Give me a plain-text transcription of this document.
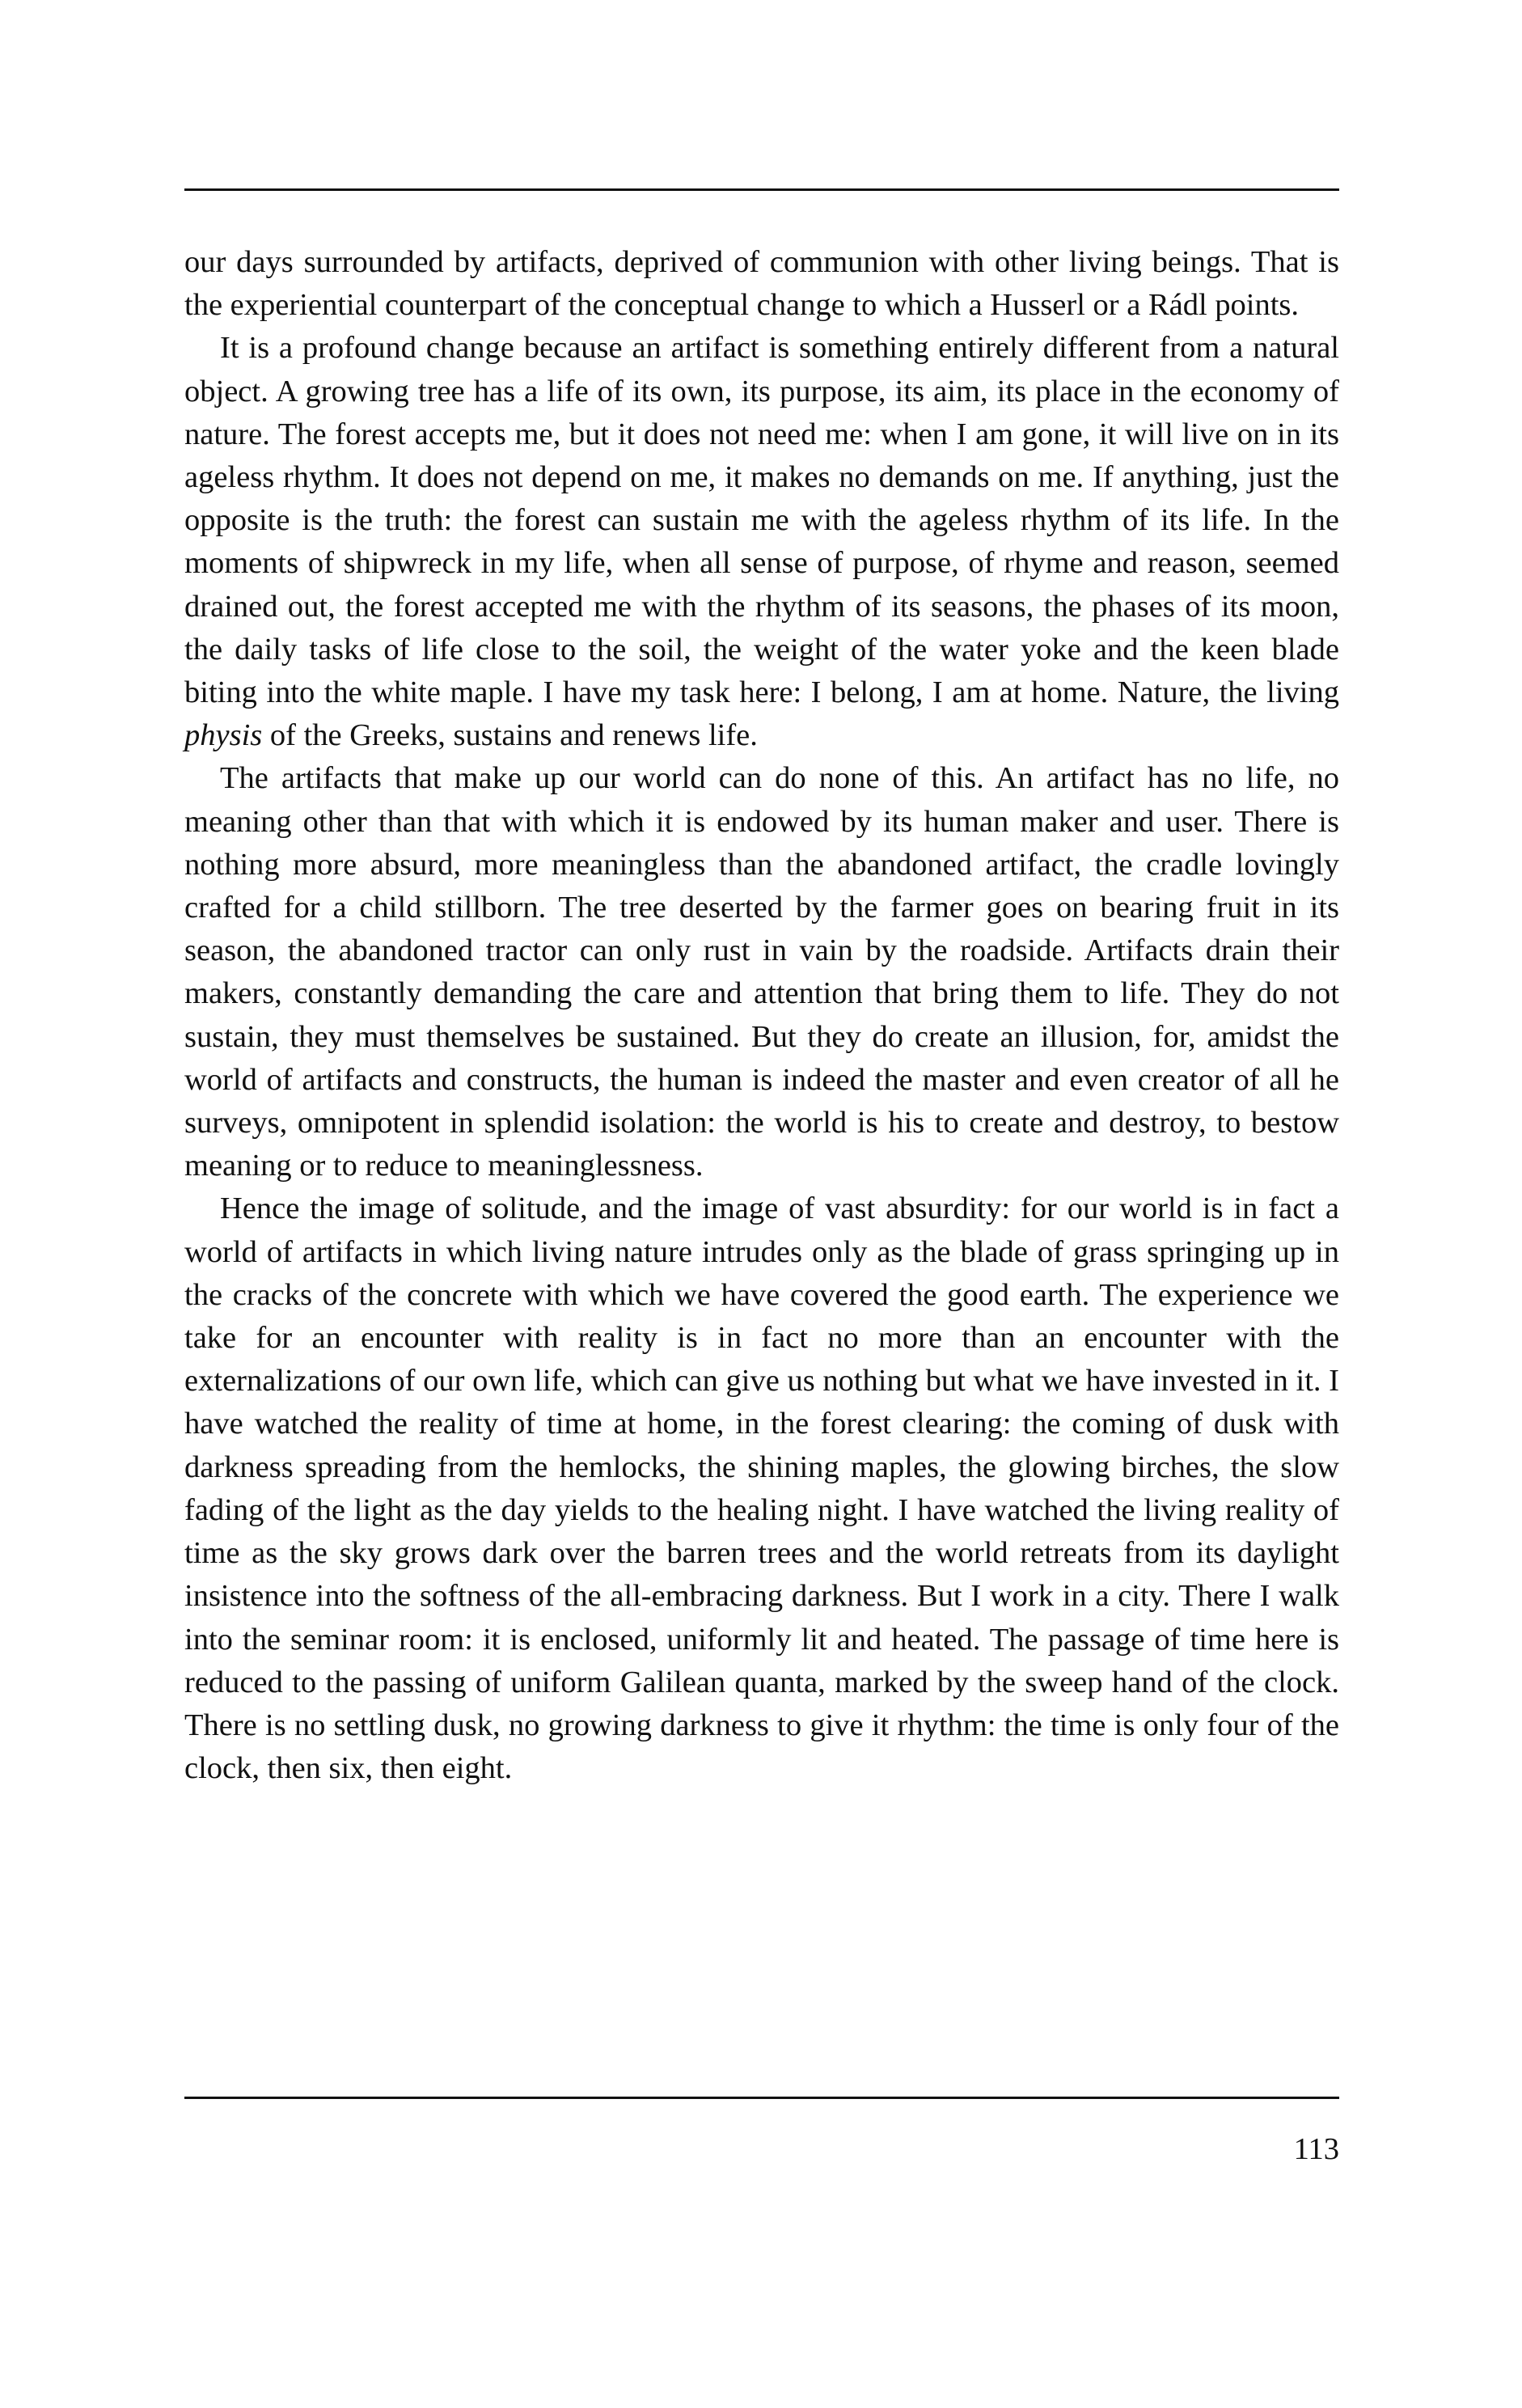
our days surrounded by artifacts, deprived of communion with other living beings. That is the experiential counterpart of the conceptual change to which a Husserl or a Rádl points.

It is a profound change because an artifact is something entirely different from a natural object. A growing tree has a life of its own, its purpose, its aim, its place in the economy of nature. The forest accepts me, but it does not need me: when I am gone, it will live on in its ageless rhythm. It does not depend on me, it makes no demands on me. If anything, just the opposite is the truth: the forest can sustain me with the ageless rhythm of its life. In the moments of shipwreck in my life, when all sense of purpose, of rhyme and reason, seemed drained out, the forest accepted me with the rhythm of its seasons, the phases of its moon, the daily tasks of life close to the soil, the weight of the water yoke and the keen blade biting into the white maple. I have my task here: I belong, I am at home. Nature, the living physis of the Greeks, sustains and renews life.

The artifacts that make up our world can do none of this. An artifact has no life, no meaning other than that with which it is endowed by its human maker and user. There is nothing more absurd, more meaningless than the abandoned artifact, the cradle lovingly crafted for a child stillborn. The tree deserted by the farmer goes on bearing fruit in its season, the abandoned tractor can only rust in vain by the roadside. Artifacts drain their makers, constantly demanding the care and attention that bring them to life. They do not sustain, they must themselves be sustained. But they do create an illusion, for, amidst the world of artifacts and constructs, the human is indeed the master and even creator of all he surveys, omnipotent in splendid isolation: the world is his to create and destroy, to bestow meaning or to reduce to meaninglessness.

Hence the image of solitude, and the image of vast absurdity: for our world is in fact a world of artifacts in which living nature intrudes only as the blade of grass springing up in the cracks of the concrete with which we have covered the good earth. The experience we take for an encounter with reality is in fact no more than an encounter with the externalizations of our own life, which can give us nothing but what we have invested in it. I have watched the reality of time at home, in the forest clearing: the coming of dusk with darkness spreading from the hemlocks, the shining maples, the glowing birches, the slow fading of the light as the day yields to the healing night. I have watched the living reality of time as the sky grows dark over the barren trees and the world retreats from its daylight insistence into the softness of the all-embracing darkness. But I work in a city. There I walk into the seminar room: it is enclosed, uniformly lit and heated. The passage of time here is reduced to the passing of uniform Galilean quanta, marked by the sweep hand of the clock. There is no settling dusk, no growing darkness to give it rhythm: the time is only four of the clock, then six, then eight.

113
